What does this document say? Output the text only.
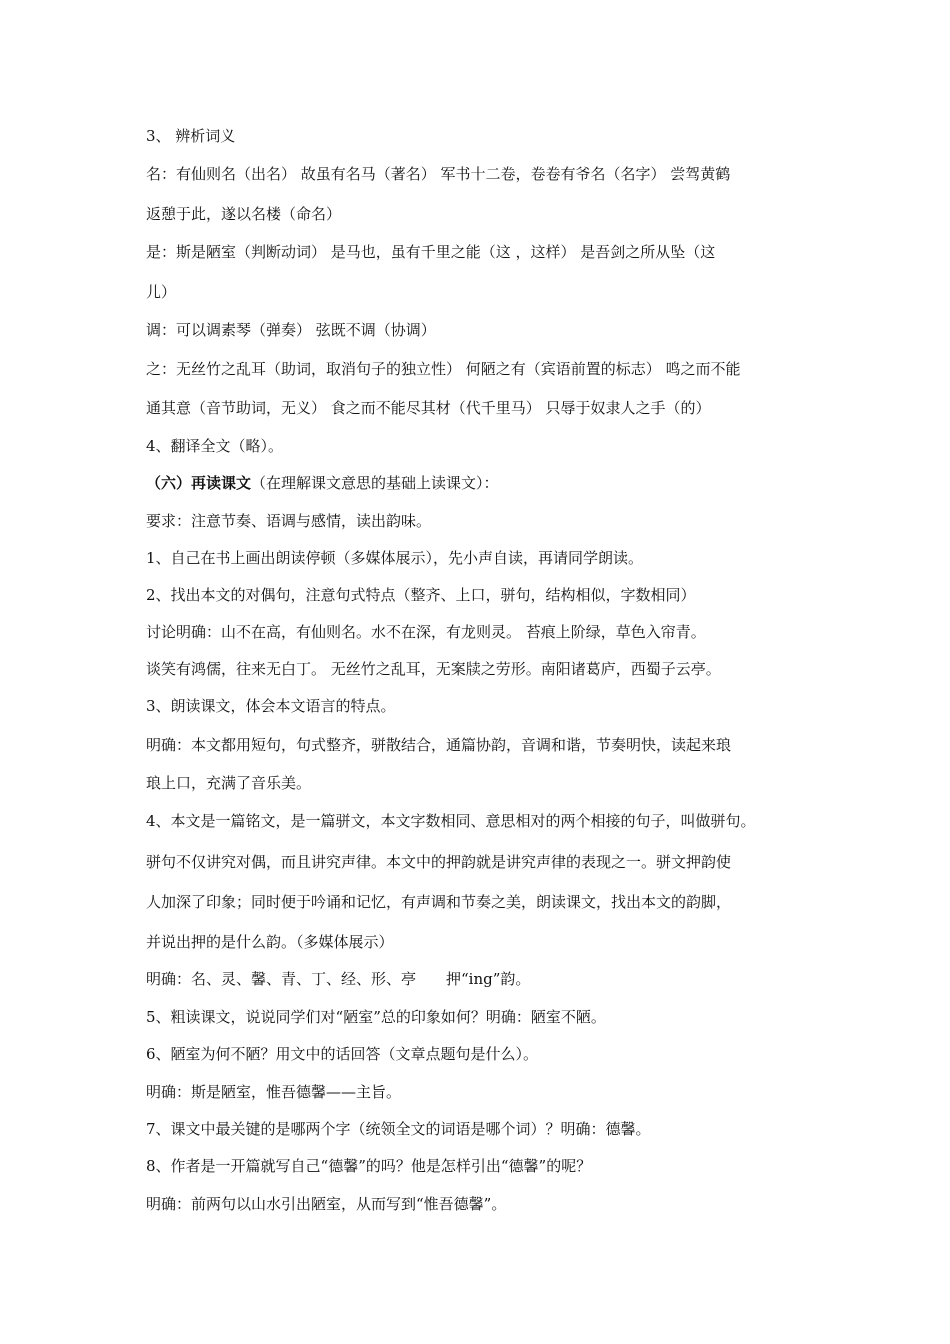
3、 辨析词义
名：有仙则名（出名） 故虽有名马（著名） 军书十二卷，卷卷有爷名（名字） 尝驾黄鹤
返憩于此，遂以名楼（命名）
是：斯是陋室（判断动词） 是马也，虽有千里之能（这 ，这样） 是吾剑之所从坠（这
儿）
调：可以调素琴（弹奏） 弦既不调（协调）
之：无丝竹之乱耳（助词，取消句子的独立性） 何陋之有（宾语前置的标志） 鸣之而不能
通其意（音节助词，无义） 食之而不能尽其材（代千里马） 只辱于奴隶人之手（的）
4、翻译全文（略）。
（六）再读课文（在理解课文意思的基础上读课文）：
要求：注意节奏、语调与感情，读出韵味。
1、自己在书上画出朗读停顿（多媒体展示），先小声自读，再请同学朗读。
2、找出本文的对偶句，注意句式特点（整齐、上口，骈句，结构相似，字数相同）
讨论明确：山不在高，有仙则名。水不在深，有龙则灵。 苔痕上阶绿，草色入帘青。
谈笑有鸿儒，往来无白丁。 无丝竹之乱耳，无案牍之劳形。南阳诸葛庐，西蜀子云亭。
3、朗读课文，体会本文语言的特点。
明确：本文都用短句，句式整齐，骈散结合，通篇协韵，音调和谐，节奏明快，读起来琅
琅上口，充满了音乐美。
4、本文是一篇铭文，是一篇骈文，本文字数相同、意思相对的两个相接的句子，叫做骈句。
骈句不仅讲究对偶，而且讲究声律。本文中的押韵就是讲究声律的表现之一。骈文押韵使
人加深了印象；同时便于吟诵和记忆，有声调和节奏之美，朗读课文，找出本文的韵脚，
并说出押的是什么韵。（多媒体展示）
明确：名、灵、馨、青、丁、经、形、亭　　押“ing”韵。
5、粗读课文，说说同学们对“陋室”总的印象如何？明确：陋室不陋。
6、陋室为何不陋？用文中的话回答（文章点题句是什么）。
明确：斯是陋室，惟吾德馨——主旨。
7、课文中最关键的是哪两个字（统领全文的词语是哪个词）？明确：德馨。
8、作者是一开篇就写自己“德馨”的吗？他是怎样引出“德馨”的呢？
明确：前两句以山水引出陋室，从而写到“惟吾德馨”。
